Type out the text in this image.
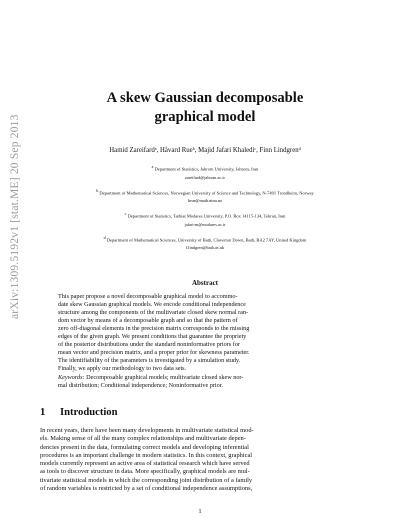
arXiv:1309.5192v1 [stat.ME] 20 Sep 2013
A skew Gaussian decomposable
graphical model
Hamid Zareifardᵃ, Håvard Rueᵇ, Majid Jafari Khalediᶜ, Finn Lindgrenᵈ
a Department of Statistics, Jahrom University, Jahrom, Iran
zareifard@jahrom.ac.ir
b Department of Mathematical Sciences, Norwegian University of Science and Technology, N-7491 Trondheim, Norway
hrue@math.ntnu.no
c Department of Statistics, Tarbiat Modares University, P.O. Box 14115-134, Tehran, Iran
jafari-m@modares.ac.ir
d Department of Mathematical Sciences, University of Bath, Claverton Down, Bath, BA2 7AY, United Kingdom
f.lindgren@bath.ac.uk
Abstract
This paper propose a novel decomposable graphical model to accommo-
date skew Gaussian graphical models. We encode conditional independence
structure among the components of the multivariate closed skew normal ran-
dom vector by means of a decomposable graph and so that the pattern of
zero off-diagonal elements in the precision matrix corresponds to the missing
edges of the given graph. We present conditions that guarantee the propriety
of the posterior distributions under the standard noninformative priors for
mean vector and precision matrix, and a proper prior for skewness parameter.
The identifiability of the parameters is investigated by a simulation study.
Finally, we apply our methodology to two data sets.
Keywords: Decomposable graphical models; multivariate closed skew nor-
mal distribution; Conditional independence; Noninformative prior.
1 Introduction
In recent years, there have been many developments in multivariate statistical mod-
els. Making sense of all the many complex relationships and multivariate depen-
dencies present in the data, formulating correct models and developing inferential
procedures is an important challenge in modern statistics. In this context, graphical
models currently represent an active area of statistical research which have served
as tools to discover structure in data. More specifically, graphical models are mul-
tivariate statistical models in which the corresponding joint distribution of a family
of random variables is restricted by a set of conditional independence assumptions,
1
